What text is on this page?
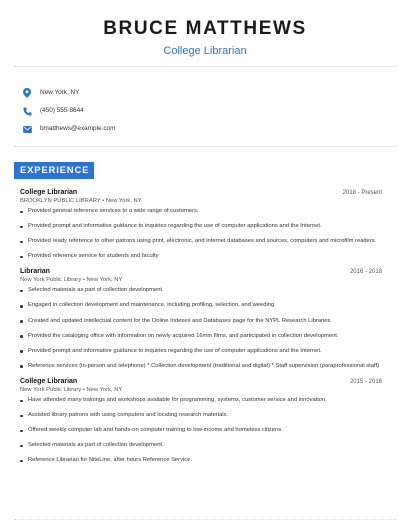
BRUCE MATTHEWS
College Librarian
New York, NY
(450) 555-8644
bmatthews@example.com
EXPERIENCE
College Librarian	2018 - Present
BROOKLYN PUBLIC LIBRARY • New York, NY
Provided general reference services to a wide range of customers.
Provided prompt and informative guidance to inquiries regarding the use of computer applications and the Internet.
Provided ready reference to other patrons using print, electronic, and internet databases and sources, computers and microfilm readers.
Provided reference service for students and faculty
Librarian	2016 - 2018
New York Public Library • New York, NY
Selected materials as part of collection development.
Engaged in collection development and maintenance, including profiling, selection, and weeding.
Created and updated intellectual content for the Online Indexes and Databases page for the NYPL Research Libraries.
Provided the cataloging office with information on newly acquired 16mm films, and participated in collection development.
Provided prompt and informative guidance to inquiries regarding the use of computer applications and the Internet.
Reference services (in-person and telephone) * Collection development (traditional and digital) * Staff supervision (paraprofessional staff)
College Librarian	2015 - 2016
New York Public Library • New York, NY
Have attended many trainings and workshops available for programming, systems, customer service and innovation.
Assisted library patrons with using computers and locating research materials.
Offered weekly computer lab and hands-on computer training to low-income and homeless citizens.
Selected materials as part of collection development.
Reference Librarian for NiteLine, after hours Reference Service.
